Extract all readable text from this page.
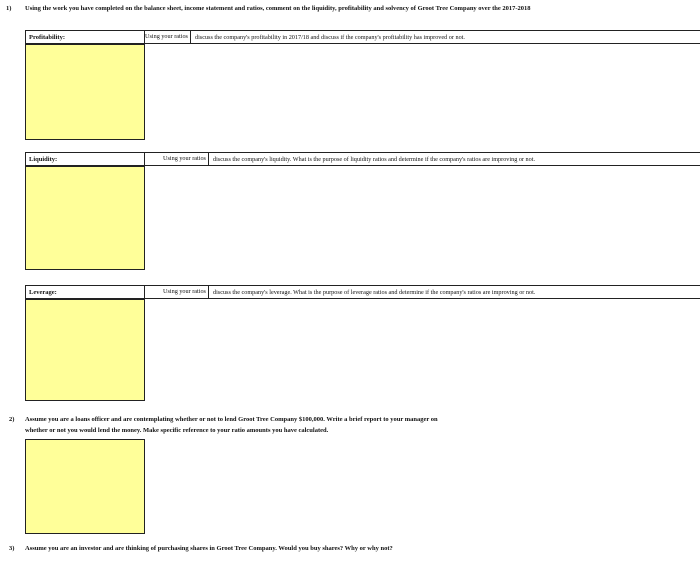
1) Using the work you have completed on the balance sheet, income statement and ratios, comment on the liquidity, profitability and solvency of Groot Tree Company over the 2017-2018
Profitability:	Using your ratios	discuss the company's profitability in 2017/18 and discuss if the company's profitability has improved or not.
Liquidity:	Using your ratios	discuss the company's liquidity. What is the purpose of liquidity ratios and determine if the company's ratios are improving or not.
Leverage:	Using your ratios	discuss the company's leverage. What is the purpose of leverage ratios and determine if the company's ratios are improving or not.
2) Assume you are a loans officer and are contemplating whether or not to lend Groot Tree Company $100,000. Write a brief report to your manager on
whether or not you would lend the money. Make specific reference to your ratio amounts you have calculated.
3) Assume you are an investor and are thinking of purchasing shares in Groot Tree Company. Would you buy shares? Why or why not?
